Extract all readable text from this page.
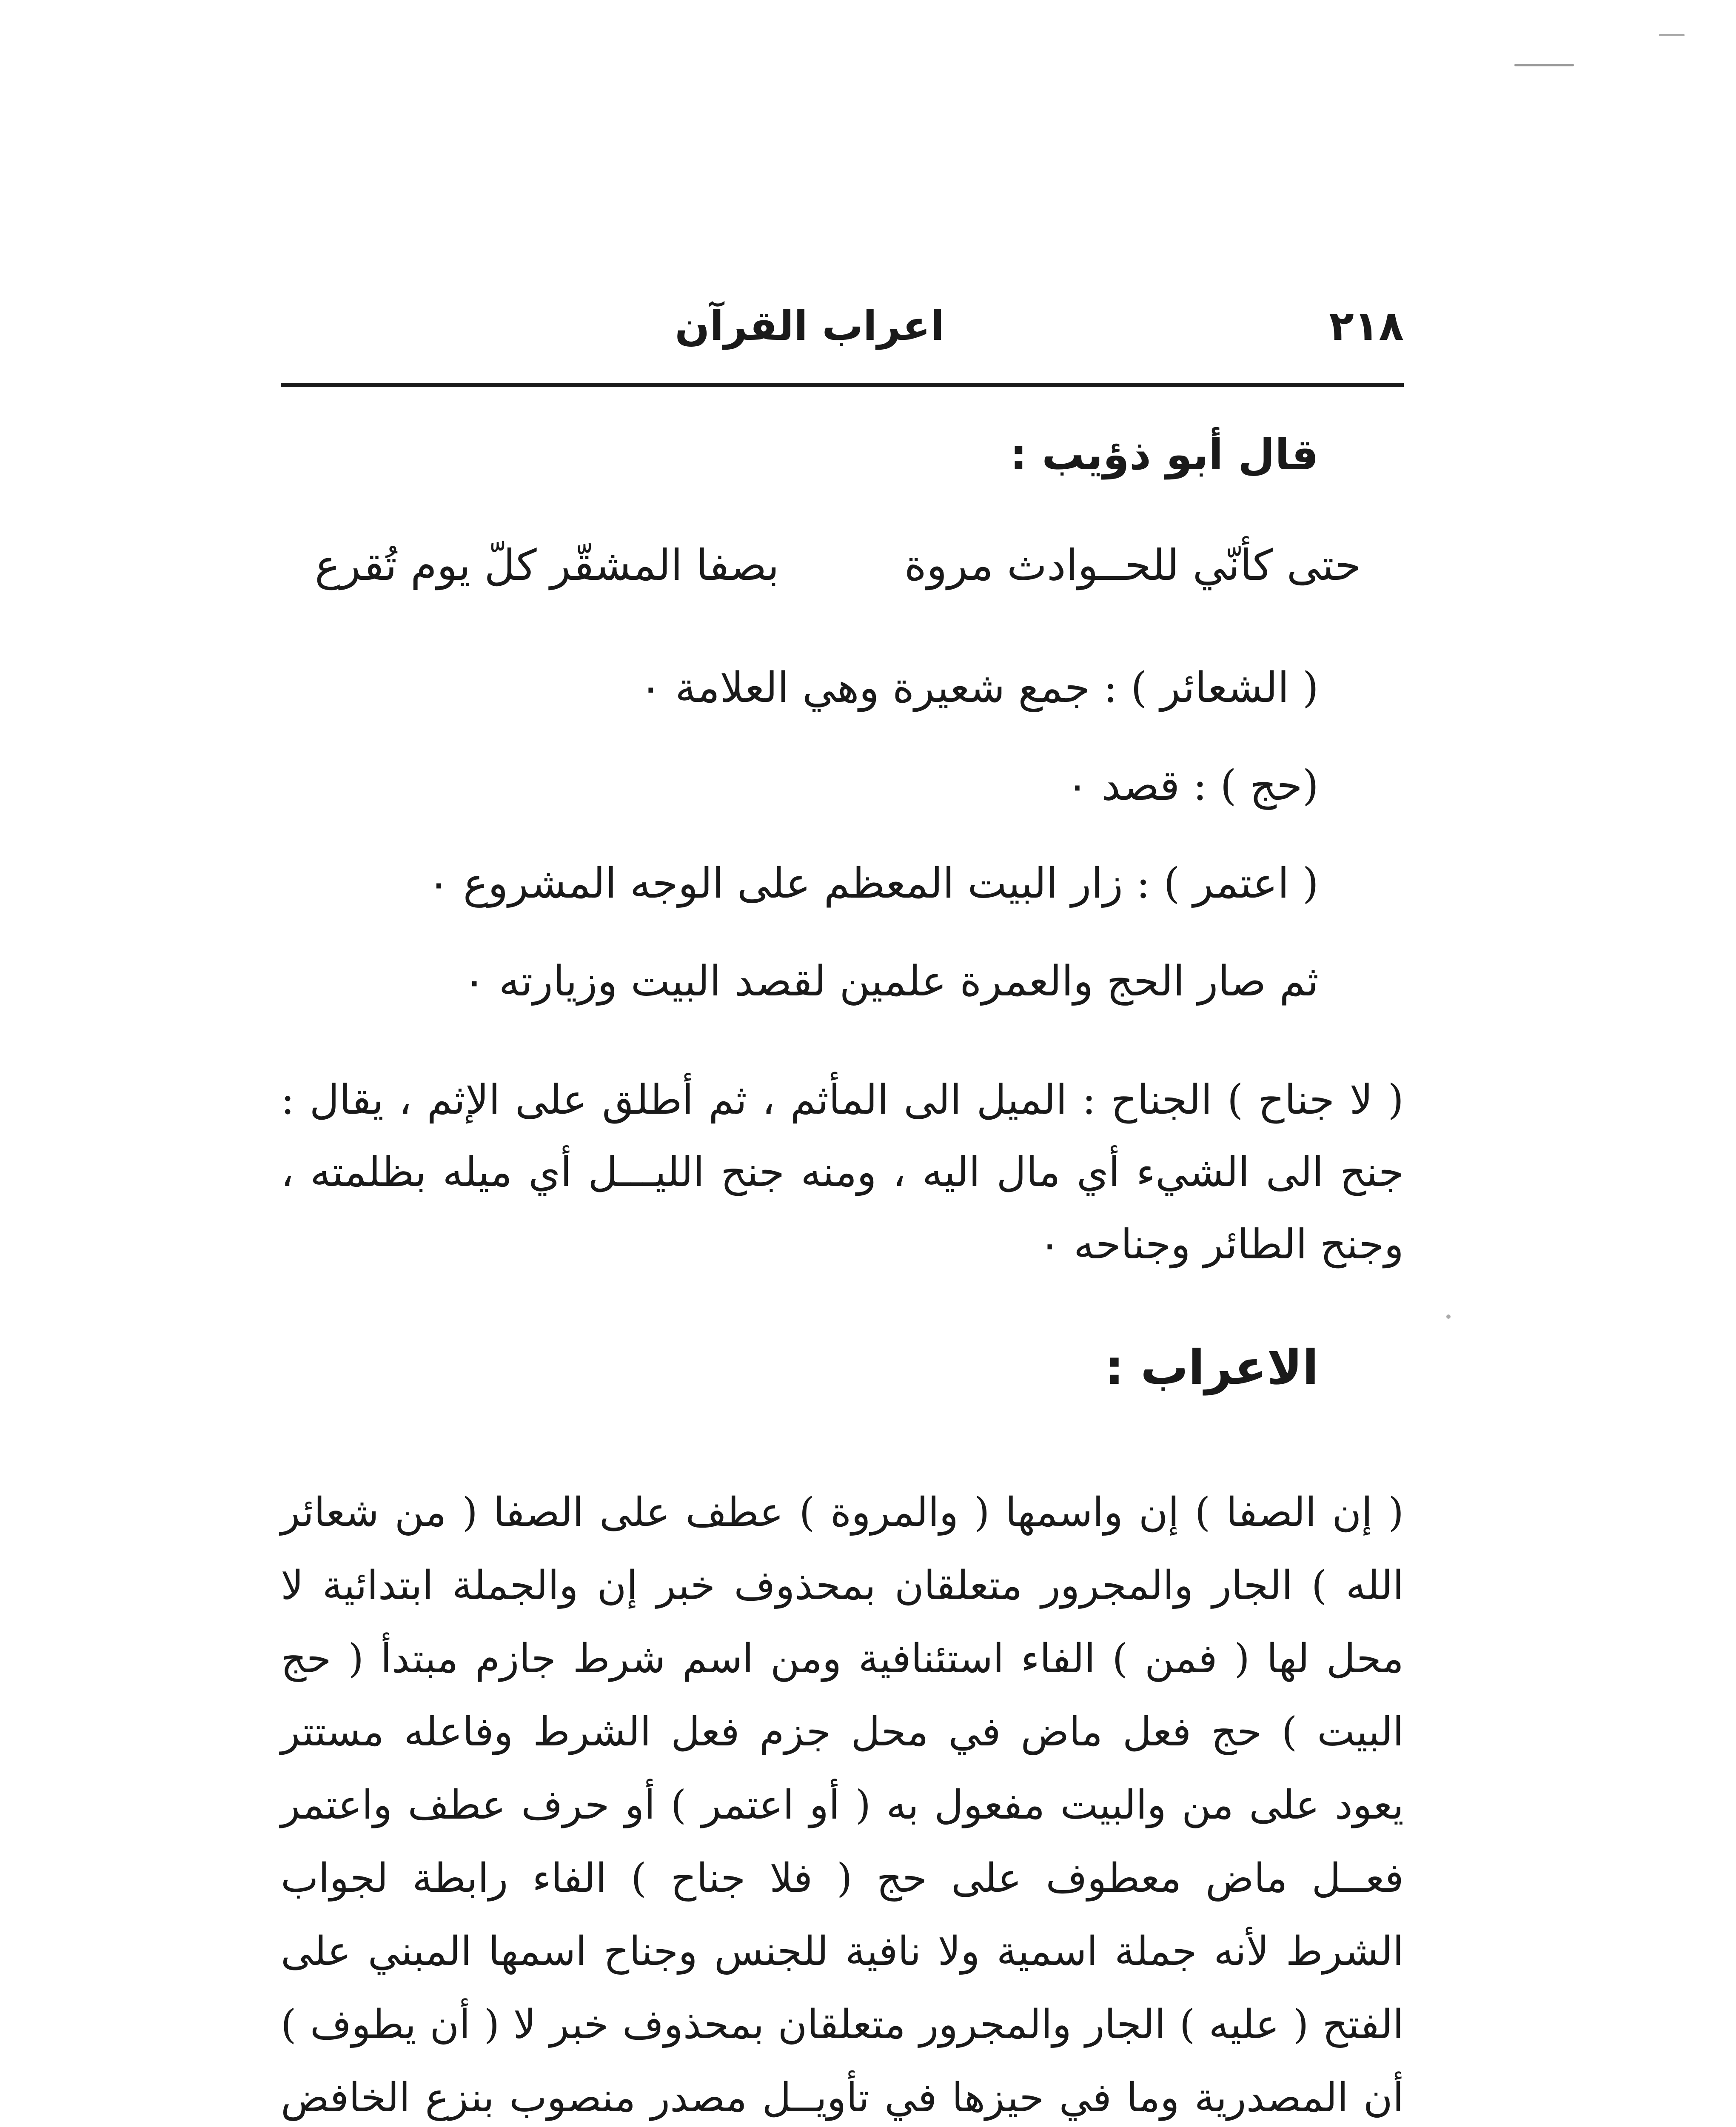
٢١٨
اعراب القرآن
قال أبو ذؤيب :
حتى كأنّي للحــوادث مروة
بصفا المشقّر كلّ يوم تُقرع
( الشعائر ) : جمع شعيرة وهي العلامة ٠
(حج ) : قصد ٠
( اعتمر ) : زار البيت المعظم على الوجه المشروع ٠
ثم صار الحج والعمرة علمين لقصد البيت وزيارته ٠
( لا جناح ) الجناح : الميل الى المأثم ، ثم أطلق على الإثم ، يقال : جنح الى الشيء أي مال اليه ، ومنه جنح الليـــل أي ميله بظلمته ، وجنح الطائر وجناحه ٠
الاعراب :
( إن الصفا ) إن واسمها ( والمروة ) عطف على الصفا ( من شعائر الله ) الجار والمجرور متعلقان بمحذوف خبر إن والجملة ابتدائية لا محل لها ( فمن ) الفاء استئنافية ومن اسم شرط جازم مبتدأ ( حج البيت ) حج فعل ماض في محل جزم فعل الشرط وفاعله مستتر يعود على من والبيت مفعول به ( أو اعتمر ) أو حرف عطف واعتمر فعــل ماض معطوف على حج ( فلا جناح ) الفاء رابطة لجواب الشرط لأنه جملة اسمية ولا نافية للجنس وجناح اسمها المبني على الفتح ( عليه ) الجار والمجرور متعلقان بمحذوف خبر لا ( أن يطوف ) أن المصدرية وما في حيزها في تأويــل مصدر منصوب بنزع الخافض
